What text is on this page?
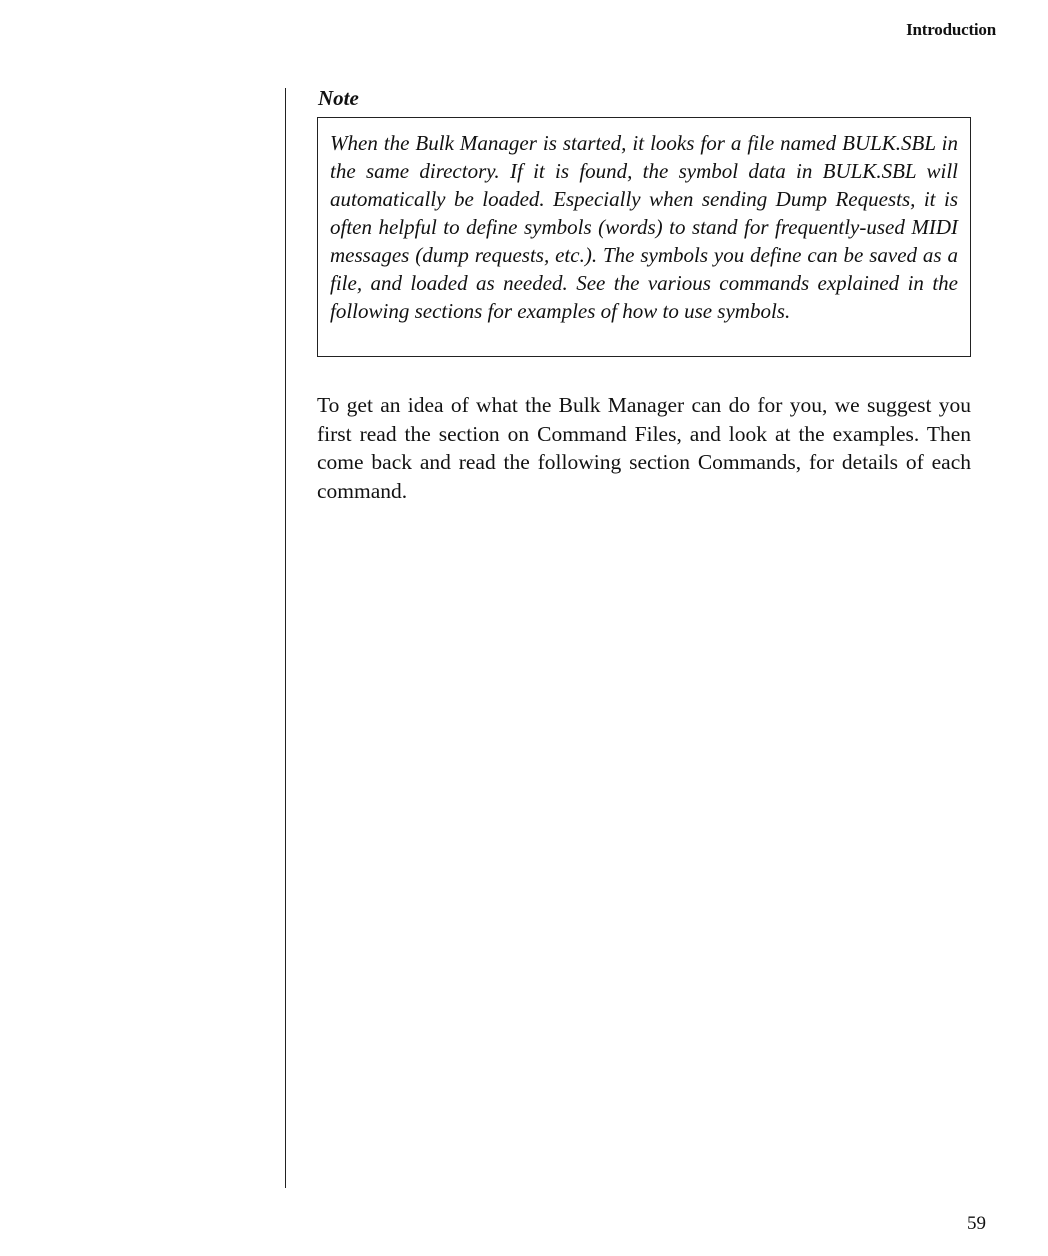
Introduction
Note

When the Bulk Manager is started, it looks for a file named BULK.SBL in the same directory. If it is found, the symbol data in BULK.SBL will automatically be loaded. Especially when sending Dump Requests, it is often helpful to define symbols (words) to stand for frequently-used MIDI messages (dump requests, etc.). The symbols you define can be saved as a file, and loaded as needed. See the various commands explained in the following sections for examples of how to use symbols.

To get an idea of what the Bulk Manager can do for you, we suggest you first read the section on Command Files, and look at the examples. Then come back and read the following section Commands, for details of each command.

59
